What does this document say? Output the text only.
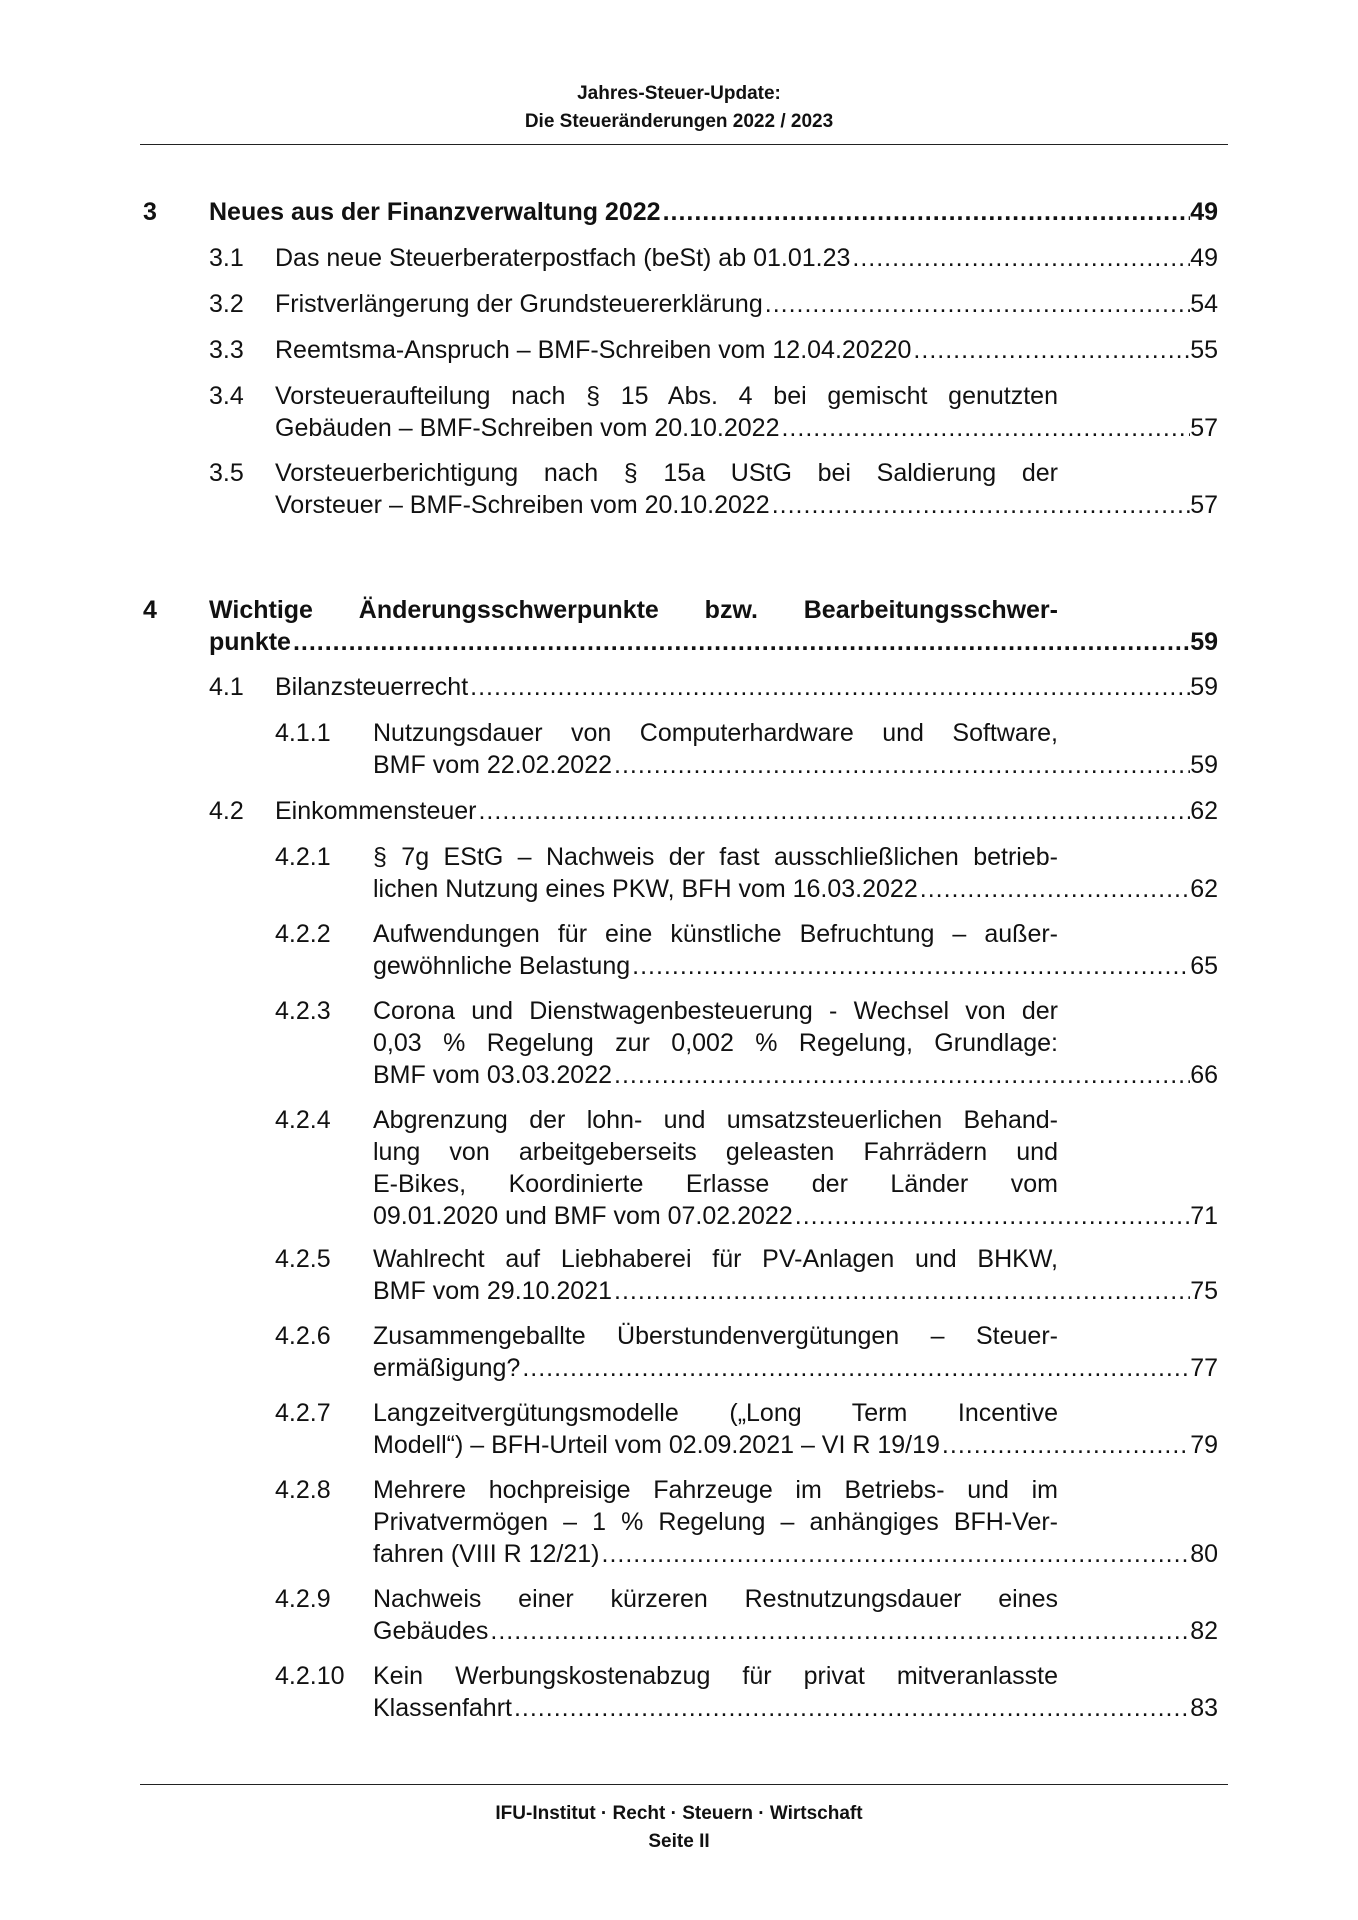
Jahres-Steuer-Update:
Die Steueränderungen 2022 / 2023
3 Neues aus der Finanzverwaltung 2022 .....	49
3.1 Das neue Steuerberaterpostfach (beSt) ab 01.01.23 .....	49
3.2 Fristverlängerung der Grundsteuererklärung .....	54
3.3 Reemtsma-Anspruch – BMF-Schreiben vom 12.04.20220 .....	55
3.4 Vorsteueraufteilung nach § 15 Abs. 4 bei gemischt genutzten
Gebäuden – BMF-Schreiben vom 20.10.2022 .....	57
3.5 Vorsteuerberichtigung nach § 15a UStG bei Saldierung der
Vorsteuer – BMF-Schreiben vom 20.10.2022 .....	57
4 Wichtige Änderungsschwerpunkte bzw. Bearbeitungsschwer-
punkte .....	59
4.1 Bilanzsteuerrecht .....	59
4.1.1 Nutzungsdauer von Computerhardware und Software,
BMF vom 22.02.2022 .....	59
4.2 Einkommensteuer .....	62
4.2.1 § 7g EStG – Nachweis der fast ausschließlichen betrieb-
lichen Nutzung eines PKW, BFH vom 16.03.2022 .....	62
4.2.2 Aufwendungen für eine künstliche Befruchtung – außer-
gewöhnliche Belastung .....	65
4.2.3 Corona und Dienstwagenbesteuerung - Wechsel von der
0,03 % Regelung zur 0,002 % Regelung, Grundlage:
BMF vom 03.03.2022 .....	66
4.2.4 Abgrenzung der lohn- und umsatzsteuerlichen Behand-
lung von arbeitgeberseits geleasten Fahrrädern und
E-Bikes, Koordinierte Erlasse der Länder vom
09.01.2020 und BMF vom 07.02.2022 .....	71
4.2.5 Wahlrecht auf Liebhaberei für PV-Anlagen und BHKW,
BMF vom 29.10.2021 .....	75
4.2.6 Zusammengeballte Überstundenvergütungen – Steuer-
ermäßigung? .....	77
4.2.7 Langzeitvergütungsmodelle („Long Term Incentive
Modell“) – BFH-Urteil vom 02.09.2021 – VI R 19/19 .....	79
4.2.8 Mehrere hochpreisige Fahrzeuge im Betriebs- und im
Privatvermögen – 1 % Regelung – anhängiges BFH-Ver-
fahren (VIII R 12/21) .....	80
4.2.9 Nachweis einer kürzeren Restnutzungsdauer eines
Gebäudes .....	82
4.2.10 Kein Werbungskostenabzug für privat mitveranlasste
Klassenfahrt .....	83
IFU-Institut · Recht · Steuern · Wirtschaft
Seite II
